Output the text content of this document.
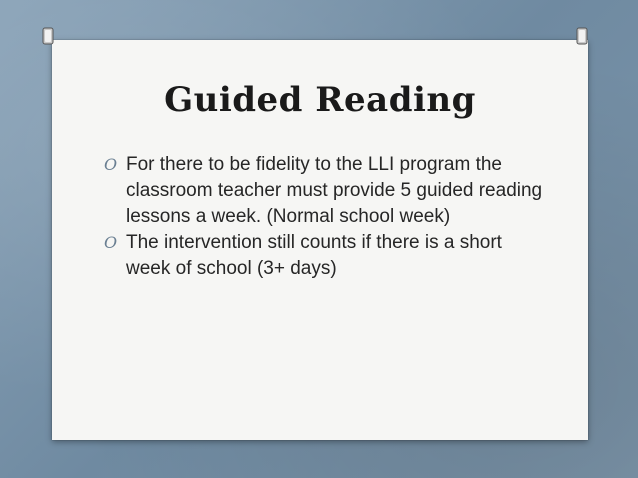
Guided Reading
O For there to be fidelity to the LLI program the classroom teacher must provide 5 guided reading lessons a week. (Normal school week)
O The intervention still counts if there is a short week of school (3+ days)
